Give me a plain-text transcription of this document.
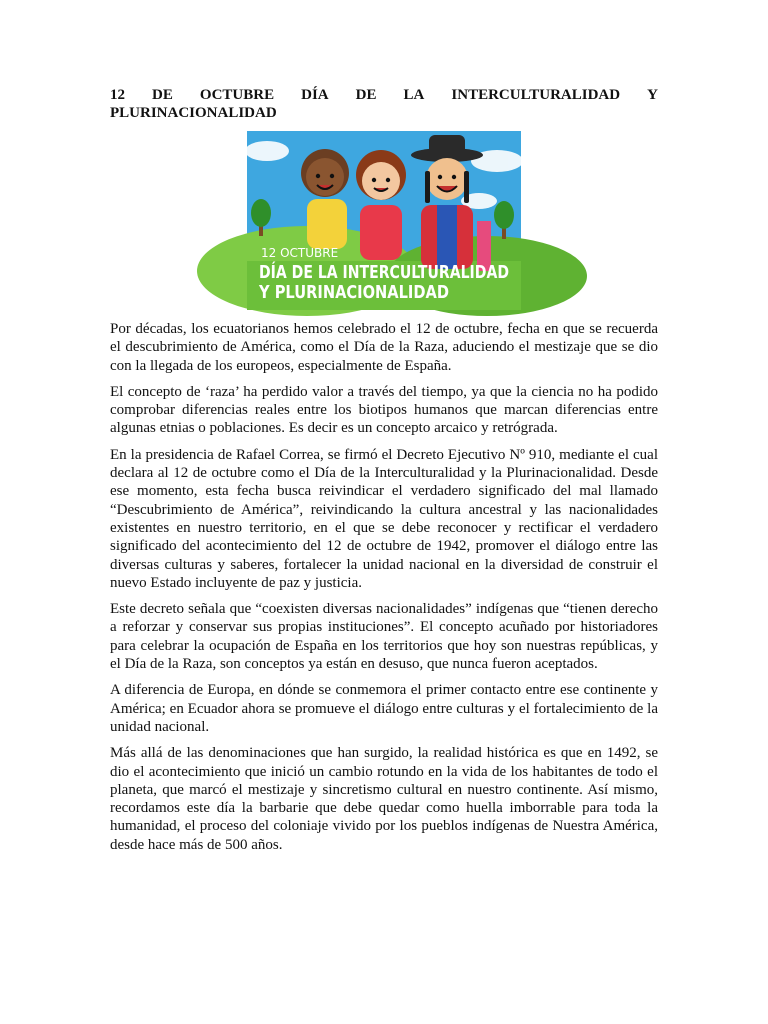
12 DE OCTUBRE DÍA DE LA INTERCULTURALIDAD Y
PLURINACIONALIDAD
12 OCTUBRE
DÍA DE LA INTERCULTURALIDAD
Y PLURINACIONALIDAD

Por décadas, los ecuatorianos hemos celebrado el 12 de octubre, fecha en que se recuerda el descubrimiento de América, como el Día de la Raza, aduciendo el mestizaje que se dio con la llegada de los europeos, especialmente de España.

El concepto de ‘raza’ ha perdido valor a través del tiempo, ya que la ciencia no ha podido comprobar diferencias reales entre los biotipos humanos que marcan diferencias entre algunas etnias o poblaciones. Es decir es un concepto arcaico y retrógrada.

En la presidencia de Rafael Correa, se firmó el Decreto Ejecutivo Nº 910, mediante el cual declara al 12 de octubre como el Día de la Interculturalidad y la Plurinacionalidad. Desde ese momento, esta fecha busca reivindicar el verdadero significado del mal llamado “Descubrimiento de América”, reivindicando la cultura ancestral y las nacionalidades existentes en nuestro territorio, en el que se debe reconocer y rectificar el verdadero significado del acontecimiento del 12 de octubre de 1942, promover el diálogo entre las diversas culturas y saberes, fortalecer la unidad nacional en la diversidad de construir el nuevo Estado incluyente de paz y justicia.

Este decreto señala que “coexisten diversas nacionalidades” indígenas que “tienen derecho a reforzar y conservar sus propias instituciones”. El concepto acuñado por historiadores para celebrar la ocupación de España en los territorios que hoy son nuestras repúblicas, y el Día de la Raza, son conceptos ya están en desuso, que nunca fueron aceptados.

A diferencia de Europa, en dónde se conmemora el primer contacto entre ese continente y América; en Ecuador ahora se promueve el diálogo entre culturas y el fortalecimiento de la unidad nacional.

Más allá de las denominaciones que han surgido, la realidad histórica es que en 1492, se dio el acontecimiento que inició un cambio rotundo en la vida de los habitantes de todo el planeta, que marcó el mestizaje y sincretismo cultural en nuestro continente. Así mismo, recordamos este día la barbarie que debe quedar como huella imborrable para toda la humanidad, el proceso del coloniaje vivido por los pueblos indígenas de Nuestra América, desde hace más de 500 años.
